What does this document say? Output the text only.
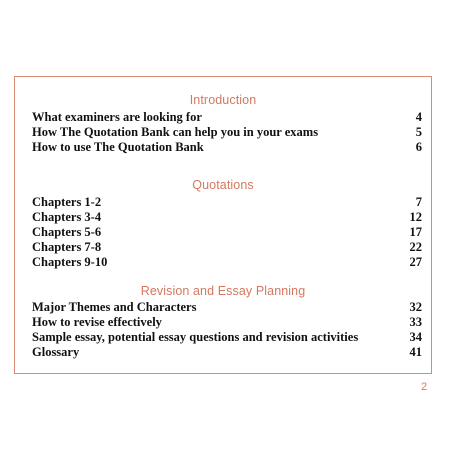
Introduction
What examiners are looking for	4
How The Quotation Bank can help you in your exams	5
How to use The Quotation Bank	6
Quotations
Chapters 1-2	7
Chapters 3-4	12
Chapters 5-6	17
Chapters 7-8	22
Chapters 9-10	27
Revision and Essay Planning
Major Themes and Characters	32
How to revise effectively	33
Sample essay, potential essay questions and revision activities	34
Glossary	41
2
